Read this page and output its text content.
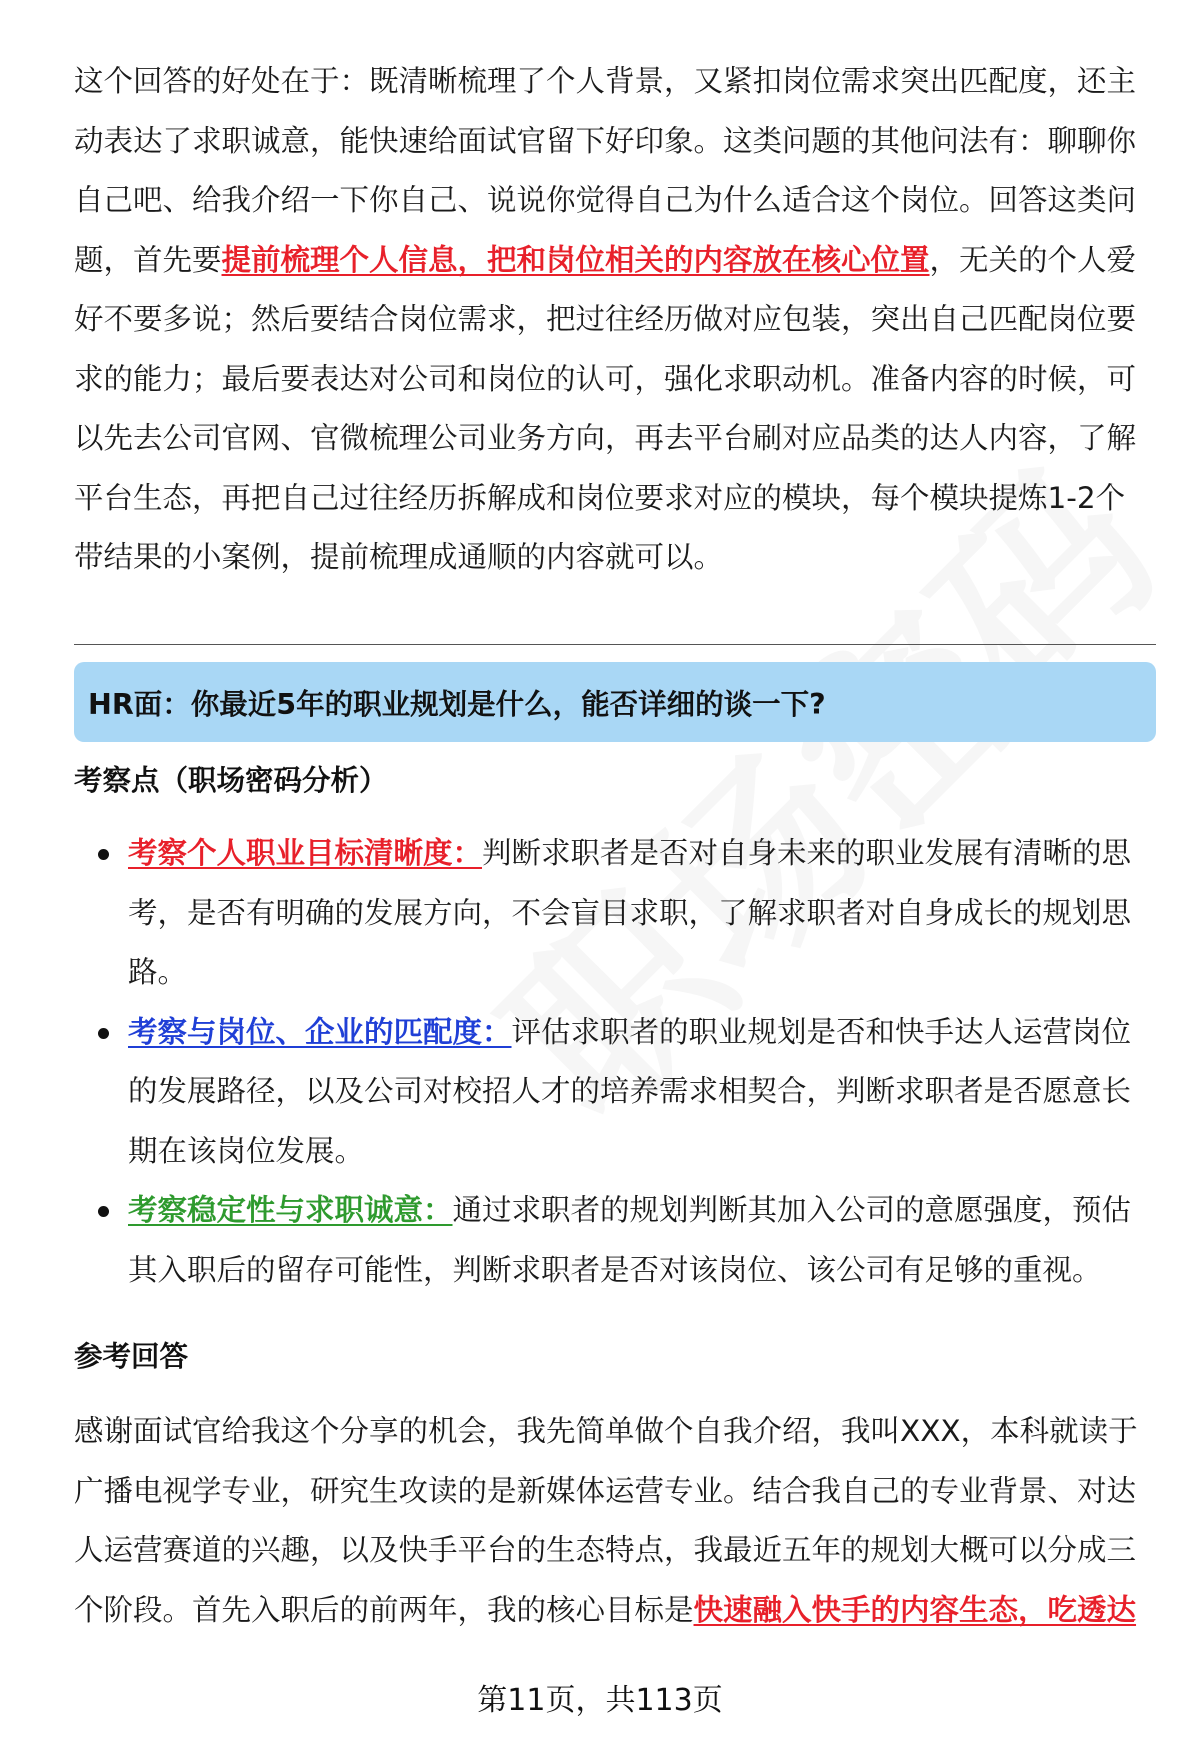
这个回答的好处在于：既清晰梳理了个人背景，又紧扣岗位需求突出匹配度，还主动表达了求职诚意，能快速给面试官留下好印象。这类问题的其他问法有：聊聊你自己吧、给我介绍一下你自己、说说你觉得自己为什么适合这个岗位。回答这类问题，首先要提前梳理个人信息，把和岗位相关的内容放在核心位置，无关的个人爱好不要多说；然后要结合岗位需求，把过往经历做对应包装，突出自己匹配岗位要求的能力；最后要表达对公司和岗位的认可，强化求职动机。准备内容的时候，可以先去公司官网、官微梳理公司业务方向，再去平台刷对应品类的达人内容，了解平台生态，再把自己过往经历拆解成和岗位要求对应的模块，每个模块提炼1-2个带结果的小案例，提前梳理成通顺的内容就可以。

HR面：你最近5年的职业规划是什么，能否详细的谈一下?
考察点（职场密码分析）
考察个人职业目标清晰度：判断求职者是否对自身未来的职业发展有清晰的思考，是否有明确的发展方向，不会盲目求职，了解求职者对自身成长的规划思路。
考察与岗位、企业的匹配度：评估求职者的职业规划是否和快手达人运营岗位的发展路径，以及公司对校招人才的培养需求相契合，判断求职者是否愿意长期在该岗位发展。
考察稳定性与求职诚意：通过求职者的规划判断其加入公司的意愿强度，预估其入职后的留存可能性，判断求职者是否对该岗位、该公司有足够的重视。
参考回答

感谢面试官给我这个分享的机会，我先简单做个自我介绍，我叫XXX，本科就读于广播电视学专业，研究生攻读的是新媒体运营专业。结合我自己的专业背景、对达人运营赛道的兴趣，以及快手平台的生态特点，我最近五年的规划大概可以分成三个阶段。首先入职后的前两年，我的核心目标是快速融入快手的内容生态，吃透达

第11页，共113页
